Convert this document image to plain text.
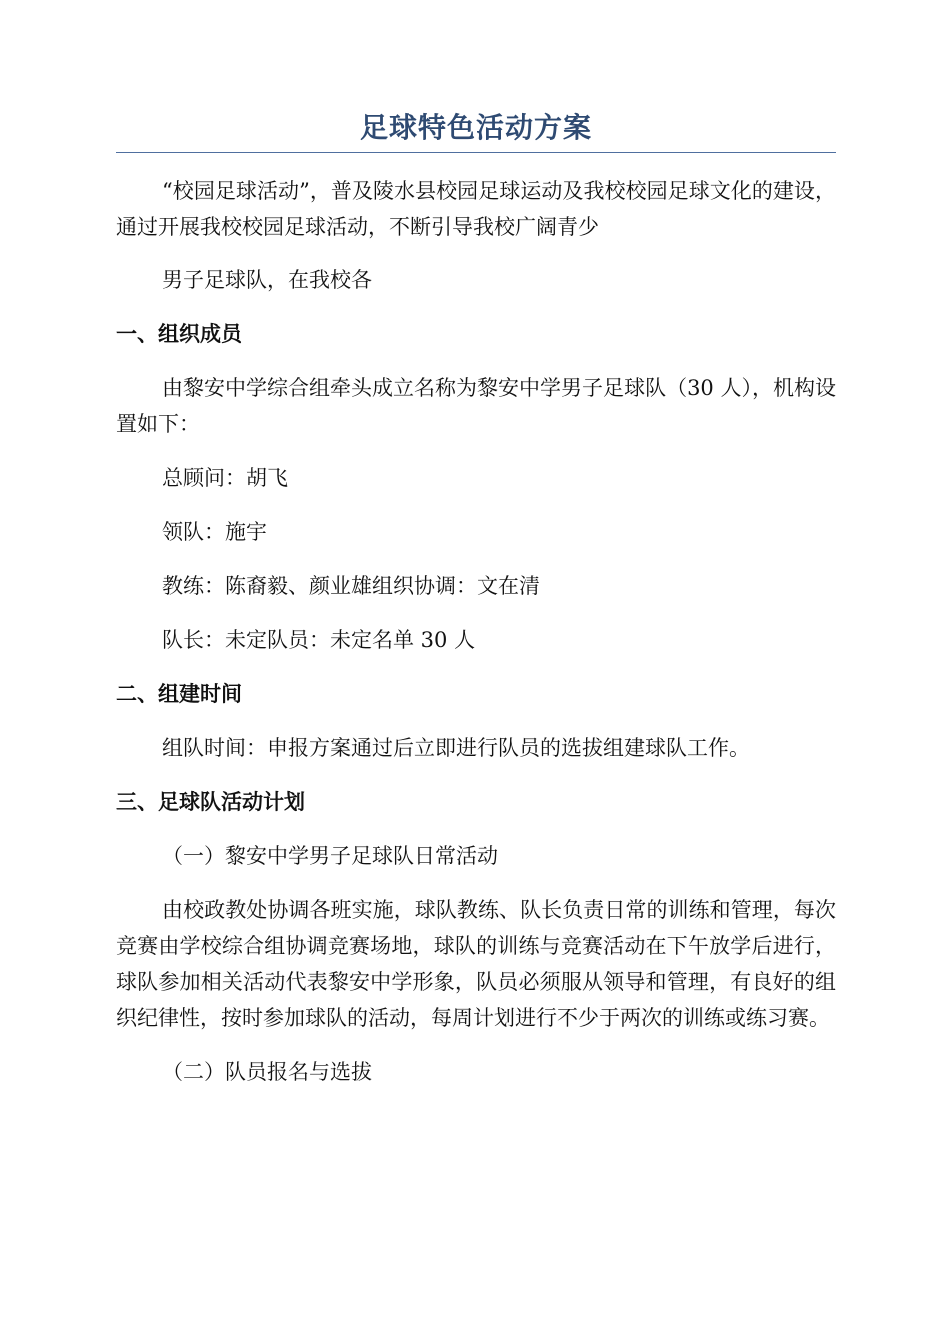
足球特色活动方案

“校园足球活动”，普及陵水县校园足球运动及我校校园足球文化的建设，通过开展我校校园足球活动，不断引导我校广阔青少

男子足球队，在我校各

一、组织成员

由黎安中学综合组牵头成立名称为黎安中学男子足球队（30 人），机构设置如下：

总顾问：胡飞

领队：施宇

教练：陈裔毅、颜业雄组织协调：文在清

队长：未定队员：未定名单 30 人

二、组建时间

组队时间：申报方案通过后立即进行队员的选拔组建球队工作。

三、足球队活动计划

（一）黎安中学男子足球队日常活动

由校政教处协调各班实施，球队教练、队长负责日常的训练和管理，每次竞赛由学校综合组协调竞赛场地，球队的训练与竞赛活动在下午放学后进行，球队参加相关活动代表黎安中学形象，队员必须服从领导和管理，有良好的组织纪律性，按时参加球队的活动，每周计划进行不少于两次的训练或练习赛。

（二）队员报名与选拔
